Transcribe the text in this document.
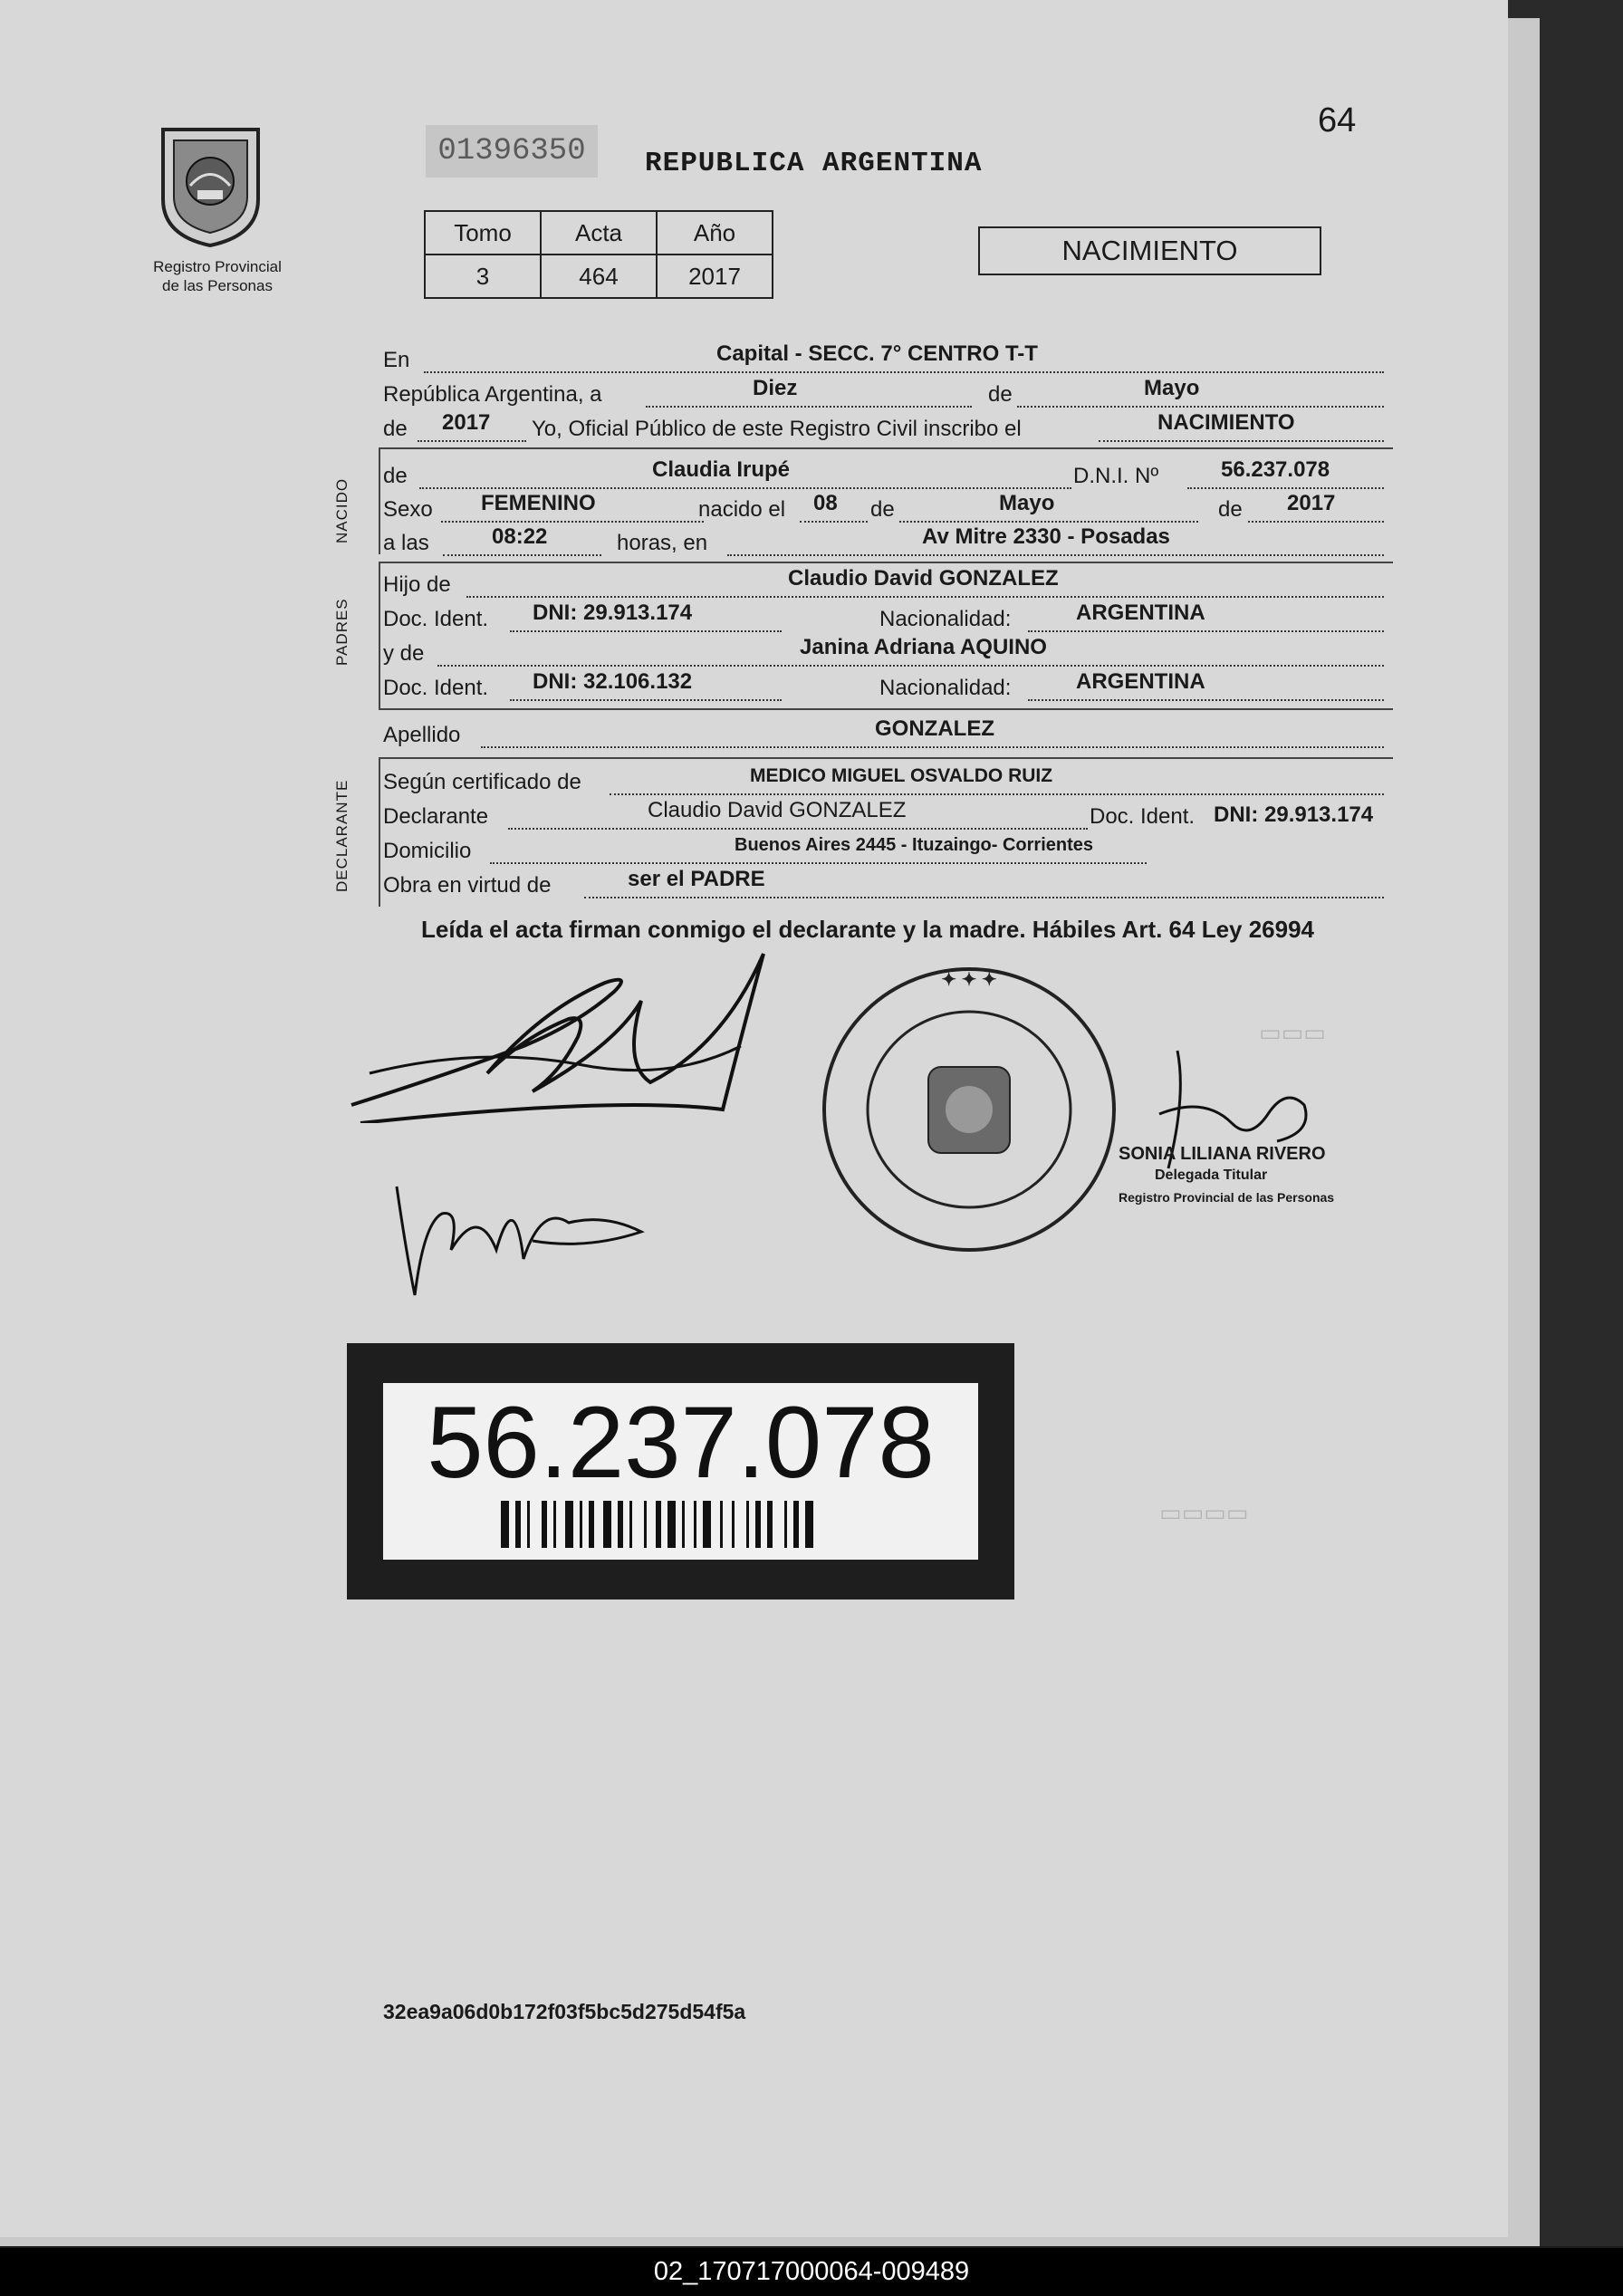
▭▭▭
▭▭▭▭
Registro Provincial
de las Personas
01396350
64
REPUBLICA ARGENTINA
Tomo	Acta	Año
3	464	2017
NACIMIENTO
En	Capital - SECC. 7° CENTRO T-T
República Argentina, a	Diez	de	Mayo
de 2017 Yo, Oficial Público de este Registro Civil inscribo el	NACIMIENTO
NACIDO
de	Claudia Irupé	D.N.I. Nº	56.237.078
Sexo FEMENINO	nacido el 08 de	Mayo	de 2017
a las	08:22	horas, en	Av Mitre 2330 - Posadas
PADRES
Hijo de	Claudio David GONZALEZ
Doc. Ident. DNI: 29.913.174	Nacionalidad:	ARGENTINA
y de	Janina Adriana AQUINO
Doc. Ident. DNI: 32.106.132	Nacionalidad:	ARGENTINA
Apellido	GONZALEZ
DECLARANTE Según certificado de	MEDICO MIGUEL OSVALDO RUIZ
Declarante	Claudio David GONZALEZ	Doc. Ident. DNI: 29.913.174
Domicilio	Buenos Aires 2445 - Ituzaingo- Corrientes
Obra en virtud de	ser el PADRE
Leída el acta firman conmigo el declarante y la madre. Hábiles Art. 64 Ley 26994
✦ ✦ ✦
SONIA LILIANA RIVERO
Delegada Titular
Registro Provincial de las Personas
56.237.078
32ea9a06d0b172f03f5bc5d275d54f5a
02_170717000064-009489
